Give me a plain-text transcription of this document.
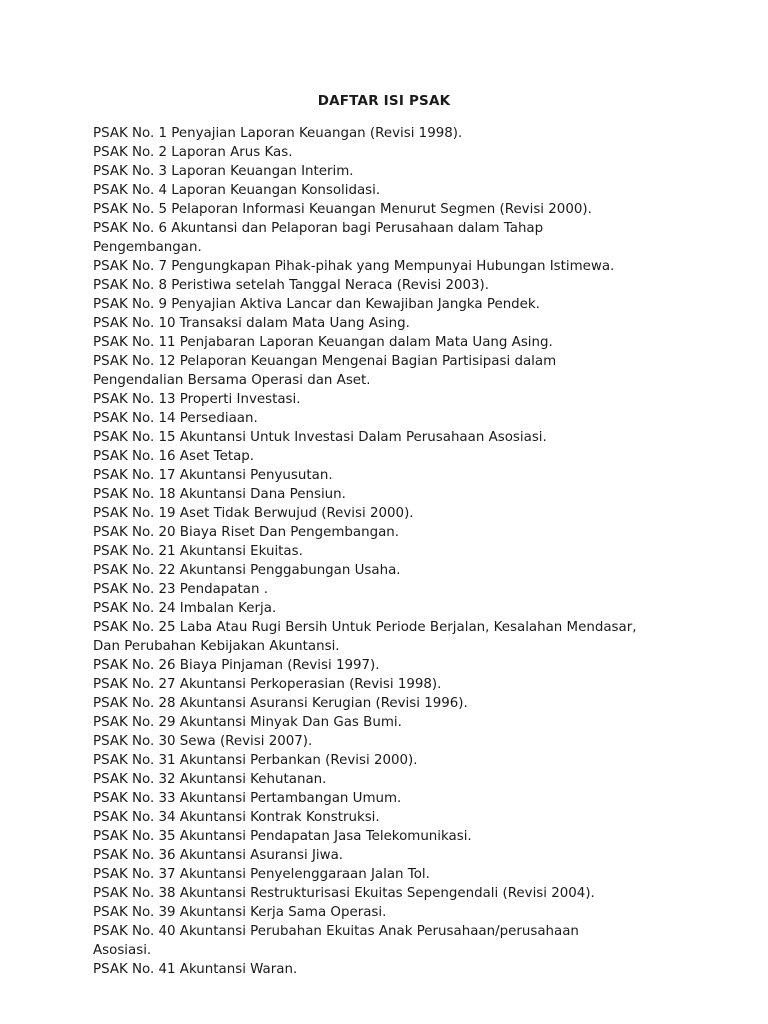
DAFTAR ISI PSAK
PSAK No. 1 Penyajian Laporan Keuangan (Revisi 1998).
PSAK No. 2 Laporan Arus Kas.
PSAK No. 3 Laporan Keuangan Interim.
PSAK No. 4 Laporan Keuangan Konsolidasi.
PSAK No. 5 Pelaporan Informasi Keuangan Menurut Segmen (Revisi 2000).
PSAK No. 6 Akuntansi dan Pelaporan bagi Perusahaan dalam Tahap
Pengembangan.
PSAK No. 7 Pengungkapan Pihak-pihak yang Mempunyai Hubungan Istimewa.
PSAK No. 8 Peristiwa setelah Tanggal Neraca (Revisi 2003).
PSAK No. 9 Penyajian Aktiva Lancar dan Kewajiban Jangka Pendek.
PSAK No. 10 Transaksi dalam Mata Uang Asing.
PSAK No. 11 Penjabaran Laporan Keuangan dalam Mata Uang Asing.
PSAK No. 12 Pelaporan Keuangan Mengenai Bagian Partisipasi dalam
Pengendalian Bersama Operasi dan Aset.
PSAK No. 13 Properti Investasi.
PSAK No. 14 Persediaan.
PSAK No. 15 Akuntansi Untuk Investasi Dalam Perusahaan Asosiasi.
PSAK No. 16 Aset Tetap.
PSAK No. 17 Akuntansi Penyusutan.
PSAK No. 18 Akuntansi Dana Pensiun.
PSAK No. 19 Aset Tidak Berwujud (Revisi 2000).
PSAK No. 20 Biaya Riset Dan Pengembangan.
PSAK No. 21 Akuntansi Ekuitas.
PSAK No. 22 Akuntansi Penggabungan Usaha.
PSAK No. 23 Pendapatan .
PSAK No. 24 Imbalan Kerja.
PSAK No. 25 Laba Atau Rugi Bersih Untuk Periode Berjalan, Kesalahan Mendasar,
Dan Perubahan Kebijakan Akuntansi.
PSAK No. 26 Biaya Pinjaman (Revisi 1997).
PSAK No. 27 Akuntansi Perkoperasian (Revisi 1998).
PSAK No. 28 Akuntansi Asuransi Kerugian (Revisi 1996).
PSAK No. 29 Akuntansi Minyak Dan Gas Bumi.
PSAK No. 30 Sewa (Revisi 2007).
PSAK No. 31 Akuntansi Perbankan (Revisi 2000).
PSAK No. 32 Akuntansi Kehutanan.
PSAK No. 33 Akuntansi Pertambangan Umum.
PSAK No. 34 Akuntansi Kontrak Konstruksi.
PSAK No. 35 Akuntansi Pendapatan Jasa Telekomunikasi.
PSAK No. 36 Akuntansi Asuransi Jiwa.
PSAK No. 37 Akuntansi Penyelenggaraan Jalan Tol.
PSAK No. 38 Akuntansi Restrukturisasi Ekuitas Sepengendali (Revisi 2004).
PSAK No. 39 Akuntansi Kerja Sama Operasi.
PSAK No. 40 Akuntansi Perubahan Ekuitas Anak Perusahaan/perusahaan
Asosiasi.
PSAK No. 41 Akuntansi Waran.
